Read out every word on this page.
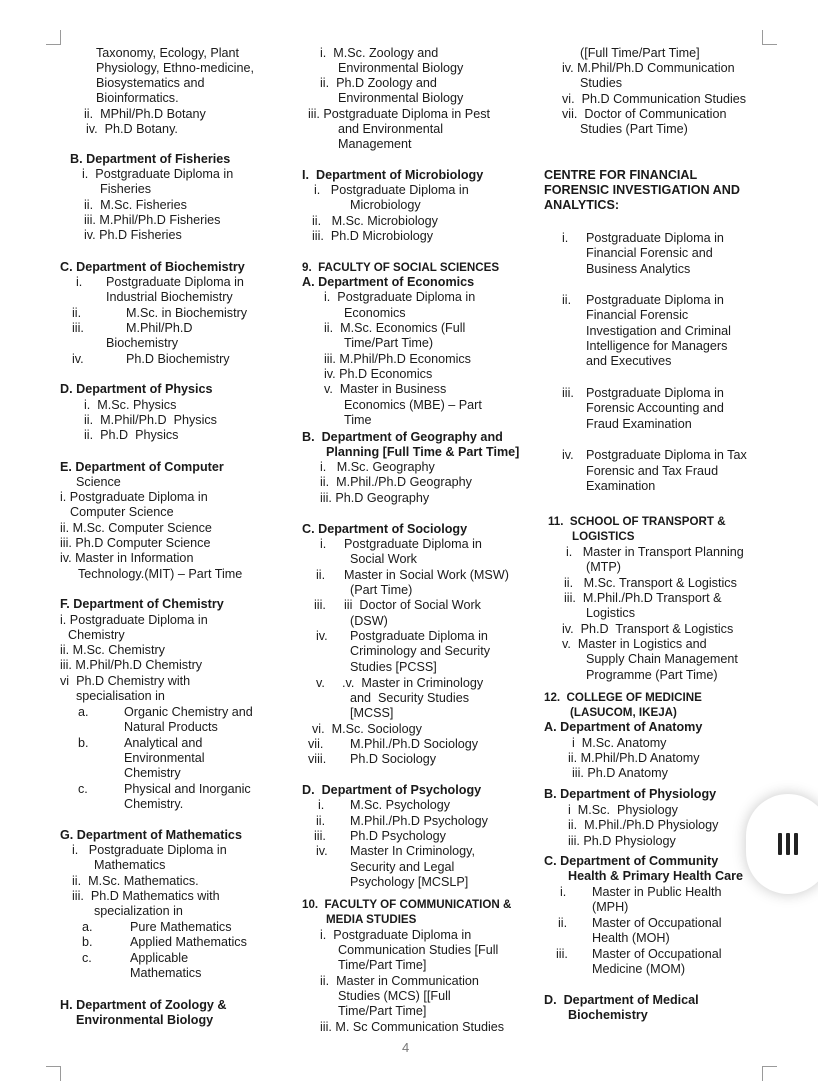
Taxonomy, Ecology, Plant
Physiology, Ethno-medicine,
Biosystematics and
Bioinformatics.
ii.  MPhil/Ph.D Botany
iv.  Ph.D Botany.
B. Department of Fisheries
i.  Postgraduate Diploma in
Fisheries
ii.  M.Sc. Fisheries
iii. M.Phil/Ph.D Fisheries
iv. Ph.D Fisheries
C. Department of Biochemistry
i. Postgraduate Diploma in
Industrial Biochemistry
ii.	M.Sc. in Biochemistry
iii.	M.Phil/Ph.D
Biochemistry
iv.	Ph.D Biochemistry
D. Department of Physics
i.  M.Sc. Physics
ii.  M.Phil/Ph.D  Physics
ii.  Ph.D  Physics
E. Department of Computer
Science
i. Postgraduate Diploma in
Computer Science
ii. M.Sc. Computer Science
iii. Ph.D Computer Science
iv. Master in Information
Technology.(MIT) – Part Time
F. Department of Chemistry
i. Postgraduate Diploma in
Chemistry
ii. M.Sc. Chemistry
iii. M.Phil/Ph.D Chemistry
vi  Ph.D Chemistry with
specialisation in
a.	Organic Chemistry and
Natural Products
b.	Analytical and
Environmental
Chemistry
c.	Physical and Inorganic
Chemistry.
G. Department of Mathematics
i.   Postgraduate Diploma in
Mathematics
ii.  M.Sc. Mathematics.
iii.  Ph.D Mathematics with
specialization in
a.	Pure Mathematics
b.	Applied Mathematics
c.	Applicable
Mathematics
H. Department of Zoology &
Environmental Biology
i.  M.Sc. Zoology and
Environmental Biology
ii.  Ph.D Zoology and
Environmental Biology
iii. Postgraduate Diploma in Pest
and Environmental
Management
I.  Department of Microbiology
i.   Postgraduate Diploma in
Microbiology
ii.   M.Sc. Microbiology
iii.  Ph.D Microbiology
9.  FACULTY OF SOCIAL SCIENCES
A. Department of Economics
i.  Postgraduate Diploma in
Economics
ii.  M.Sc. Economics (Full
Time/Part Time)
iii. M.Phil/Ph.D Economics
iv. Ph.D Economics
v.  Master in Business
Economics (MBE) – Part
Time
B.  Department of Geography and
Planning [Full Time & Part Time]
i.   M.Sc. Geography
ii.  M.Phil./Ph.D Geography
iii. Ph.D Geography
C. Department of Sociology
i. Postgraduate Diploma in
Social Work
ii. Master in Social Work (MSW)
(Part Time)
iii. iii  Doctor of Social Work
(DSW)
iv. Postgraduate Diploma in
Criminology and Security
Studies [PCSS]
v. .v.  Master in Criminology
and  Security Studies
[MCSS]
vi.  M.Sc. Sociology
vii. M.Phil./Ph.D Sociology
viii. Ph.D Sociology
D.  Department of Psychology
i. M.Sc. Psychology
ii. M.Phil./Ph.D Psychology
iii. Ph.D Psychology
iv. Master In Criminology,
Security and Legal
Psychology [MCSLP]
10.  FACULTY OF COMMUNICATION &
MEDIA STUDIES
i.  Postgraduate Diploma in
Communication Studies [Full
Time/Part Time]
ii.  Master in Communication
Studies (MCS) [[Full
Time/Part Time]
iii. M. Sc Communication Studies
([Full Time/Part Time]
iv. M.Phil/Ph.D Communication
Studies
vi.  Ph.D Communication Studies
vii.  Doctor of Communication
Studies (Part Time)
CENTRE FOR FINANCIAL
FORENSIC INVESTIGATION AND
ANALYTICS:
i. Postgraduate Diploma in
Financial Forensic and
Business Analytics
ii. Postgraduate Diploma in
Financial Forensic
Investigation and Criminal
Intelligence for Managers
and Executives
iii. Postgraduate Diploma in
Forensic Accounting and
Fraud Examination
iv. Postgraduate Diploma in Tax
Forensic and Tax Fraud
Examination
11.  SCHOOL OF TRANSPORT &
LOGISTICS
i.   Master in Transport Planning
(MTP)
ii.   M.Sc. Transport & Logistics
iii.  M.Phil./Ph.D Transport &
Logistics
iv.  Ph.D  Transport & Logistics
v.  Master in Logistics and
Supply Chain Management
Programme (Part Time)
12.  COLLEGE OF MEDICINE
(LASUCOM, IKEJA)
A. Department of Anatomy
i  M.Sc. Anatomy
ii. M.Phil/Ph.D Anatomy
iii. Ph.D Anatomy
B. Department of Physiology
i  M.Sc.  Physiology
ii.  M.Phil./Ph.D Physiology
iii. Ph.D Physiology
C. Department of Community
Health & Primary Health Care
i. Master in Public Health
(MPH)
ii. Master of Occupational
Health (MOH)
iii. Master of Occupational
Medicine (MOM)
D.  Department of Medical
Biochemistry
4
